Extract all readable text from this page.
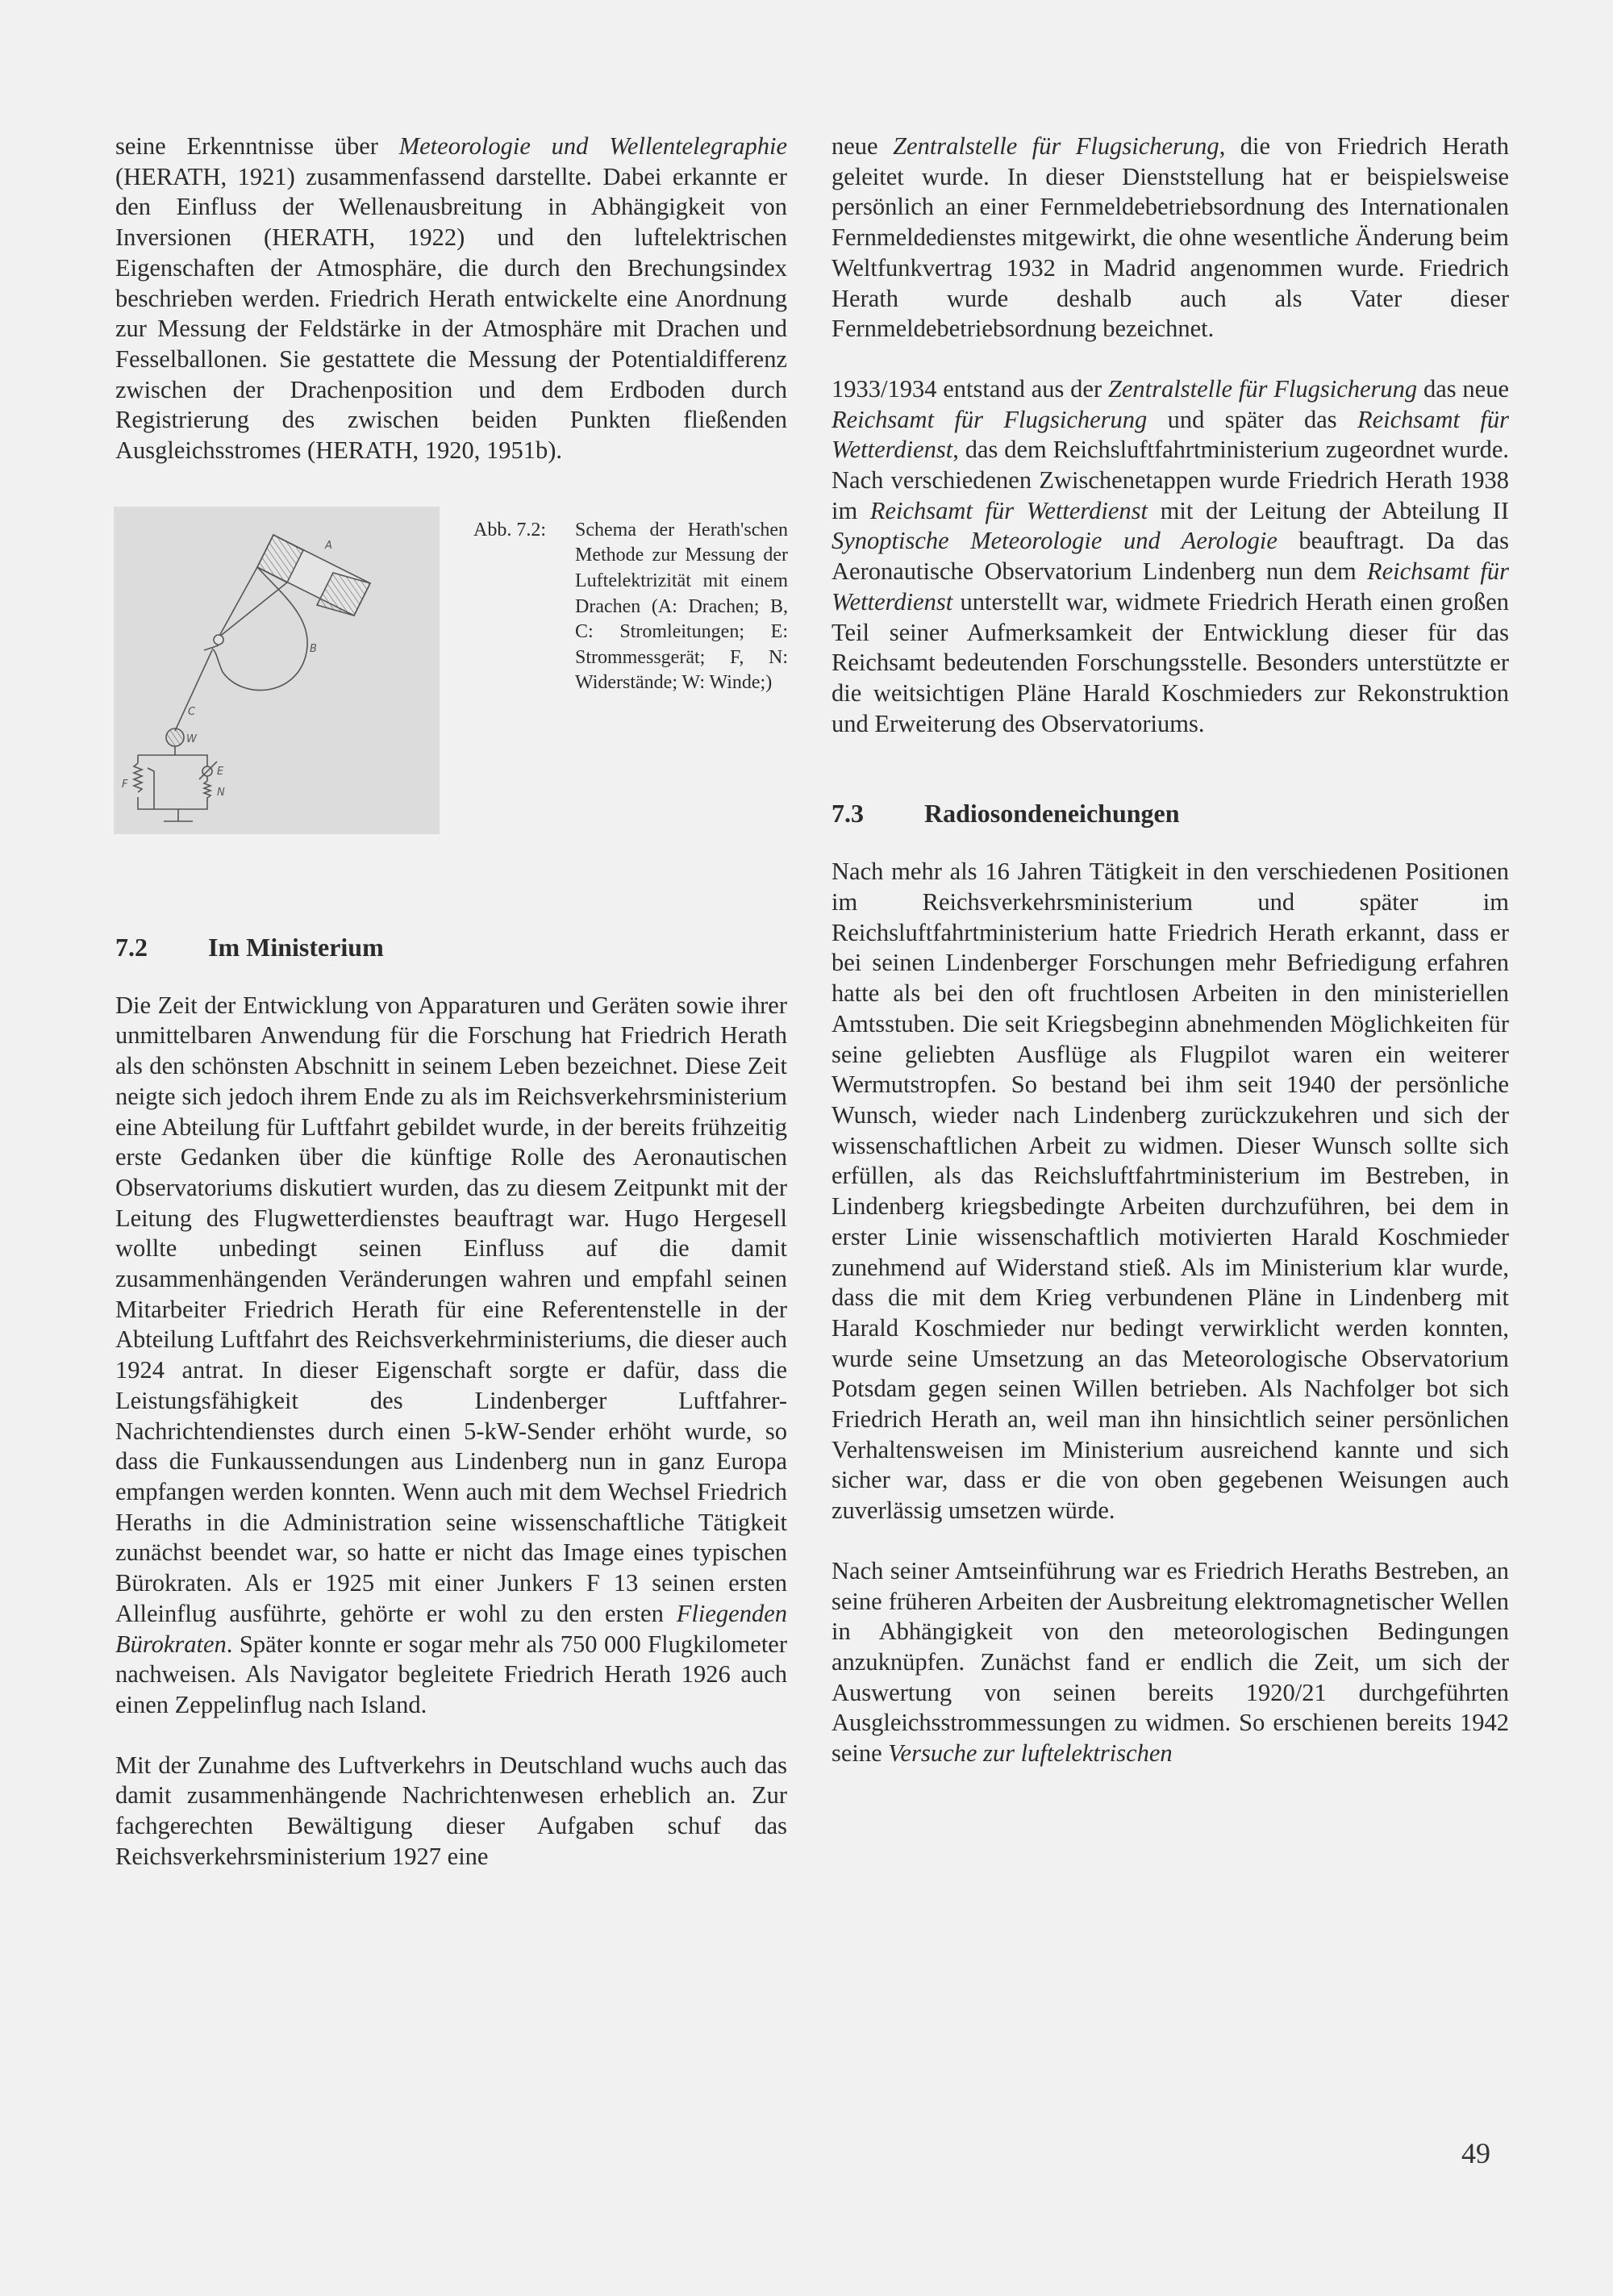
seine Erkenntnisse über Meteorologie und Wellentelegraphie (HERATH, 1921) zusammenfassend darstellte. Dabei erkannte er den Einfluss der Wellenausbreitung in Abhängigkeit von Inversionen (HERATH, 1922) und den luftelektrischen Eigenschaften der Atmosphäre, die durch den Brechungsindex beschrieben werden. Friedrich Herath entwickelte eine Anordnung zur Messung der Feldstärke in der Atmosphäre mit Drachen und Fesselballonen. Sie gestattete die Messung der Potentialdifferenz zwischen der Drachenposition und dem Erdboden durch Registrierung des zwischen beiden Punkten fließenden Ausgleichsstromes (HERATH, 1920, 1951b).

A
B
C
W
E
F
N
Abb. 7.2:	Schema der Herath'schen Methode zur Messung der Luftelektrizität mit einem Drachen (A: Drachen; B, C: Stromleitungen; E: Strommessgerät; F, N: Widerstände; W: Winde;)
7.2	Im Ministerium

Die Zeit der Entwicklung von Apparaturen und Geräten sowie ihrer unmittelbaren Anwendung für die Forschung hat Friedrich Herath als den schönsten Abschnitt in seinem Leben bezeichnet. Diese Zeit neigte sich jedoch ihrem Ende zu als im Reichsverkehrsministerium eine Abteilung für Luftfahrt gebildet wurde, in der bereits frühzeitig erste Gedanken über die künftige Rolle des Aeronautischen Observatoriums diskutiert wurden, das zu diesem Zeitpunkt mit der Leitung des Flugwetterdienstes beauftragt war. Hugo Hergesell wollte unbedingt seinen Einfluss auf die damit zusammenhängenden Veränderungen wahren und empfahl seinen Mitarbeiter Friedrich Herath für eine Referentenstelle in der Abteilung Luftfahrt des Reichsverkehrministeriums, die dieser auch 1924 antrat. In dieser Eigenschaft sorgte er dafür, dass die Leistungsfähigkeit des Lindenberger Luftfahrer-Nachrichtendienstes durch einen 5-kW-Sender erhöht wurde, so dass die Funkaussendungen aus Lindenberg nun in ganz Europa empfangen werden konnten. Wenn auch mit dem Wechsel Friedrich Heraths in die Administration seine wissenschaftliche Tätigkeit zunächst beendet war, so hatte er nicht das Image eines typischen Bürokraten. Als er 1925 mit einer Junkers F 13 seinen ersten Alleinflug ausführte, gehörte er wohl zu den ersten Fliegenden Bürokraten. Später konnte er sogar mehr als 750 000 Flugkilometer nachweisen. Als Navigator begleitete Friedrich Herath 1926 auch einen Zeppelinflug nach Island.

Mit der Zunahme des Luftverkehrs in Deutschland wuchs auch das damit zusammenhängende Nachrichtenwesen erheblich an. Zur fachgerechten Bewältigung dieser Aufgaben schuf das Reichsverkehrsministerium 1927 eine

neue Zentralstelle für Flugsicherung, die von Friedrich Herath geleitet wurde. In dieser Dienststellung hat er beispielsweise persönlich an einer Fernmeldebetriebsordnung des Internationalen Fernmeldedienstes mitgewirkt, die ohne wesentliche Änderung beim Weltfunkvertrag 1932 in Madrid angenommen wurde. Friedrich Herath wurde deshalb auch als Vater dieser Fernmeldebetriebsordnung bezeichnet.

1933/1934 entstand aus der Zentralstelle für Flugsicherung das neue Reichsamt für Flugsicherung und später das Reichsamt für Wetterdienst, das dem Reichsluftfahrtministerium zugeordnet wurde. Nach verschiedenen Zwischenetappen wurde Friedrich Herath 1938 im Reichsamt für Wetterdienst mit der Leitung der Abteilung II Synoptische Meteorologie und Aerologie beauftragt. Da das Aeronautische Observatorium Lindenberg nun dem Reichsamt für Wetterdienst unterstellt war, widmete Friedrich Herath einen großen Teil seiner Aufmerksamkeit der Entwicklung dieser für das Reichsamt bedeutenden Forschungsstelle. Besonders unterstützte er die weitsichtigen Pläne Harald Koschmieders zur Rekonstruktion und Erweiterung des Observatoriums.

7.3	Radiosondeneichungen

Nach mehr als 16 Jahren Tätigkeit in den verschiedenen Positionen im Reichsverkehrsministerium und später im Reichsluftfahrtministerium hatte Friedrich Herath erkannt, dass er bei seinen Lindenberger Forschungen mehr Befriedigung erfahren hatte als bei den oft fruchtlosen Arbeiten in den ministeriellen Amtsstuben. Die seit Kriegsbeginn abnehmenden Möglichkeiten für seine geliebten Ausflüge als Flugpilot waren ein weiterer Wermutstropfen. So bestand bei ihm seit 1940 der persönliche Wunsch, wieder nach Lindenberg zurückzukehren und sich der wissenschaftlichen Arbeit zu widmen. Dieser Wunsch sollte sich erfüllen, als das Reichsluftfahrtministerium im Bestreben, in Lindenberg kriegsbedingte Arbeiten durchzuführen, bei dem in erster Linie wissenschaftlich motivierten Harald Koschmieder zunehmend auf Widerstand stieß. Als im Ministerium klar wurde, dass die mit dem Krieg verbundenen Pläne in Lindenberg mit Harald Koschmieder nur bedingt verwirklicht werden konnten, wurde seine Umsetzung an das Meteorologische Observatorium Potsdam gegen seinen Willen betrieben. Als Nachfolger bot sich Friedrich Herath an, weil man ihn hinsichtlich seiner persönlichen Verhaltensweisen im Ministerium ausreichend kannte und sich sicher war, dass er die von oben gegebenen Weisungen auch zuverlässig umsetzen würde.

Nach seiner Amtseinführung war es Friedrich Heraths Bestreben, an seine früheren Arbeiten der Ausbreitung elektromagnetischer Wellen in Abhängigkeit von den meteorologischen Bedingungen anzuknüpfen. Zunächst fand er endlich die Zeit, um sich der Auswertung von seinen bereits 1920/21 durchgeführten Ausgleichsstrommessungen zu widmen. So erschienen bereits 1942 seine Versuche zur luftelektrischen

49
